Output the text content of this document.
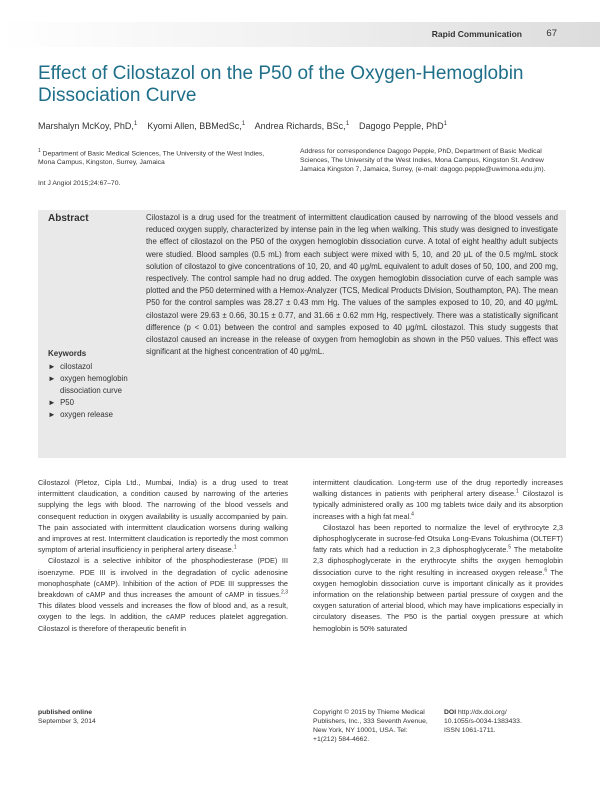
Rapid Communication	67
Effect of Cilostazol on the P50 of the Oxygen-Hemoglobin Dissociation Curve
Marshalyn McKoy, PhD,$^1$ Kyomi Allen, BBMedSc,$^1$ Andrea Richards, BSc,$^1$ Dagogo Pepple, PhD$^1$
$^1$ Department of Basic Medical Sciences, The University of the West Indies, Mona Campus, Kingston, Surrey, Jamaica
Address for correspondence Dagogo Pepple, PhD, Department of Basic Medical Sciences, The University of the West Indies, Mona Campus, Kingston St. Andrew Jamaica Kingston 7, Jamaica, Surrey, (e-mail: dagogo.pepple@uwimona.edu.jm).
Int J Angiol 2015;24:67–70.
Abstract	Cilostazol is a drug used for the treatment of intermittent claudication caused by narrowing of the blood vessels and reduced oxygen supply, characterized by intense pain in the leg when walking. This study was designed to investigate the effect of cilostazol on the P50 of the oxygen hemoglobin dissociation curve. A total of eight healthy adult subjects were studied. Blood samples (0.5 mL) from each subject were mixed with 5, 10, and 20 μL of the 0.5 mg/mL stock solution of cilostazol to give concentrations of 10, 20, and 40 μg/mL equivalent to adult doses of 50, 100, and 200 mg, respectively. The control sample had no drug added. The oxygen hemoglobin dissociation curve of each sample was plotted and the P50 determined with a Hemox-Analyzer (TCS, Medical Products Division, Southampton, PA). The mean P50 for the control samples was 28.27 ± 0.43 mm Hg. The values of the samples exposed to 10, 20, and 40 μg/mL cilostazol were 29.63 ± 0.66, 30.15 ± 0.77, and 31.66 ± 0.62 mm Hg, respectively. There was a statistically significant difference (p < 0.01) between the control and samples exposed to 40 μg/mL cilostazol. This study suggests that cilostazol caused an increase in the release of oxygen from hemoglobin as shown in the P50 values. This effect was significant at the highest concentration of 40 μg/mL.
Keywords
► cilostazol
► oxygen hemoglobin dissociation curve
► P50
► oxygen release

Cilostazol (Pletoz, Cipla Ltd., Mumbai, India) is a drug used to treat intermittent claudication, a condition caused by narrowing of the arteries supplying the legs with blood. The narrowing of the blood vessels and consequent reduction in oxygen availability is usually accompanied by pain. The pain associated with intermittent claudication worsens during walking and improves at rest. Intermittent claudication is reportedly the most common symptom of arterial insufficiency in peripheral artery disease.$^1$

Cilostazol is a selective inhibitor of the phosphodiesterase (PDE) III isoenzyme. PDE III is involved in the degradation of cyclic adenosine monophosphate (cAMP). Inhibition of the action of PDE III suppresses the breakdown of cAMP and thus increases the amount of cAMP in tissues.$^{2,3}$ This dilates blood vessels and increases the flow of blood and, as a result, oxygen to the legs. In addition, the cAMP reduces platelet aggregation. Cilostazol is therefore of therapeutic benefit in

intermittent claudication. Long-term use of the drug reportedly increases walking distances in patients with peripheral artery disease.$^1$ Cilostazol is typically administered orally as 100 mg tablets twice daily and its absorption increases with a high fat meal.$^4$

Cilostazol has been reported to normalize the level of erythrocyte 2,3 diphosphoglycerate in sucrose-fed Otsuka Long-Evans Tokushima (OLTEFT) fatty rats which had a reduction in 2,3 diphosphoglycerate.$^5$ The metabolite 2,3 diphosphoglycerate in the erythrocyte shifts the oxygen hemoglobin dissociation curve to the right resulting in increased oxygen release.$^6$ The oxygen hemoglobin dissociation curve is important clinically as it provides information on the relationship between partial pressure of oxygen and the oxygen saturation of arterial blood, which may have implications especially in circulatory diseases. The P50 is the partial oxygen pressure at which hemoglobin is 50% saturated

published online
September 3, 2014
Copyright © 2015 by Thieme Medical Publishers, Inc., 333 Seventh Avenue, New York, NY 10001, USA. Tel: +1(212) 584-4662.
DOI http://dx.doi.org/
10.1055/s-0034-1383433.
ISSN 1061-1711.
